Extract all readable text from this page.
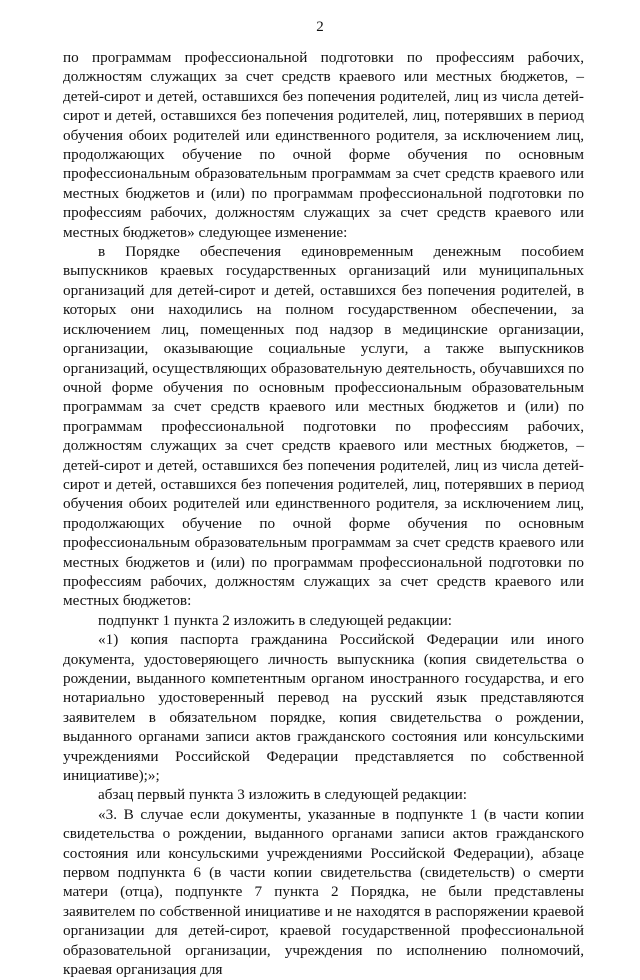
2

по программам профессиональной подготовки по профессиям рабочих, должностям служащих за счет средств краевого или местных бюджетов, – детей-сирот и детей, оставшихся без попечения родителей, лиц из числа детей-сирот и детей, оставшихся без попечения родителей, лиц, потерявших в период обучения обоих родителей или единственного родителя, за исключением лиц, продолжающих обучение по очной форме обучения по основным профессиональным образовательным программам за счет средств краевого или местных бюджетов и (или) по программам профессиональной подготовки по профессиям рабочих, должностям служащих за счет средств краевого или местных бюджетов» следующее изменение:

в Порядке обеспечения единовременным денежным пособием выпускников краевых государственных организаций или муниципальных организаций для детей-сирот и детей, оставшихся без попечения родителей, в которых они находились на полном государственном обеспечении, за исключением лиц, помещенных под надзор в медицинские организации, организации, оказывающие социальные услуги, а также выпускников организаций, осуществляющих образовательную деятельность, обучавшихся по очной форме обучения по основным профессиональным образовательным программам за счет средств краевого или местных бюджетов и (или) по программам профессиональной подготовки по профессиям рабочих, должностям служащих за счет средств краевого или местных бюджетов, – детей-сирот и детей, оставшихся без попечения родителей, лиц из числа детей-сирот и детей, оставшихся без попечения родителей, лиц, потерявших в период обучения обоих родителей или единственного родителя, за исключением лиц, продолжающих обучение по очной форме обучения по основным профессиональным образовательным программам за счет средств краевого или местных бюджетов и (или) по программам профессиональной подготовки по профессиям рабочих, должностям служащих за счет средств краевого или местных бюджетов:

подпункт 1 пункта 2 изложить в следующей редакции:

«1) копия паспорта гражданина Российской Федерации или иного документа, удостоверяющего личность выпускника (копия свидетельства о рождении, выданного компетентным органом иностранного государства, и его нотариально удостоверенный перевод на русский язык представляются заявителем в обязательном порядке, копия свидетельства о рождении, выданного органами записи актов гражданского состояния или консульскими учреждениями Российской Федерации представляется по собственной инициативе);»;

абзац первый пункта 3 изложить в следующей редакции:

«3. В случае если документы, указанные в подпункте 1 (в части копии свидетельства о рождении, выданного органами записи актов гражданского состояния или консульскими учреждениями Российской Федерации), абзаце первом подпункта 6 (в части копии свидетельства (свидетельств) о смерти матери (отца), подпункте 7 пункта 2 Порядка, не были представлены заявителем по собственной инициативе и не находятся в распоряжении краевой организации для детей-сирот, краевой государственной профессиональной образовательной организации, учреждения по исполнению полномочий, краевая организация для
